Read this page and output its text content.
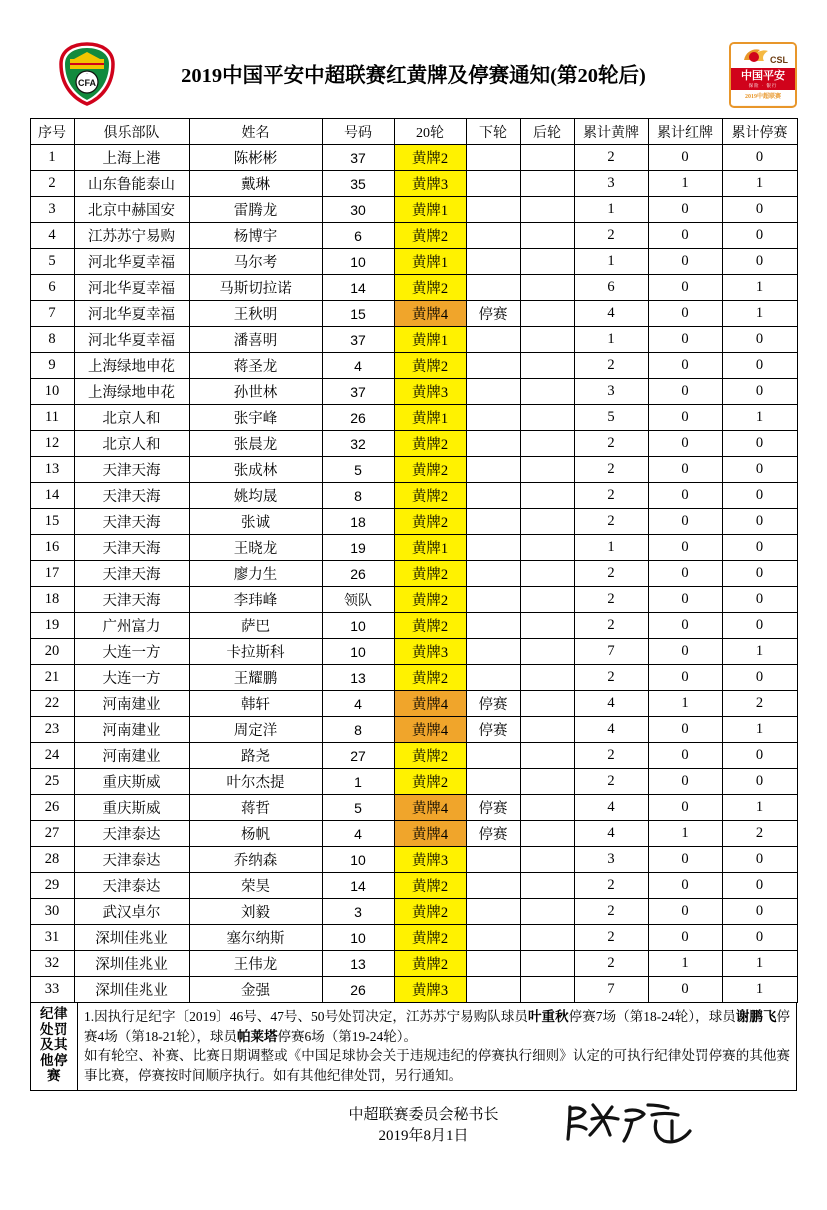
CFA	2019中国平安中超联赛红黄牌及停赛通知(第20轮后)
CSL
中国平安
保险 · 银行
2019中超联赛
序号	俱乐部队	姓名	号码	20轮	下轮	后轮	累计黄牌	累计红牌	累计停赛
1	上海上港	陈彬彬	37	黄牌2			2	0	0
2	山东鲁能泰山	戴琳	35	黄牌3			3	1	1
3	北京中赫国安	雷腾龙	30	黄牌1			1	0	0
4	江苏苏宁易购	杨博宇	6	黄牌2			2	0	0
5	河北华夏幸福	马尔考	10	黄牌1			1	0	0
6	河北华夏幸福	马斯切拉诺	14	黄牌2			6	0	1
7	河北华夏幸福	王秋明	15	黄牌4	停赛		4	0	1
8	河北华夏幸福	潘喜明	37	黄牌1			1	0	0
9	上海绿地申花	蒋圣龙	4	黄牌2			2	0	0
10	上海绿地申花	孙世林	37	黄牌3			3	0	0
11	北京人和	张宇峰	26	黄牌1			5	0	1
12	北京人和	张晨龙	32	黄牌2			2	0	0
13	天津天海	张成林	5	黄牌2			2	0	0
14	天津天海	姚均晟	8	黄牌2			2	0	0
15	天津天海	张诚	18	黄牌2			2	0	0
16	天津天海	王晓龙	19	黄牌1			1	0	0
17	天津天海	廖力生	26	黄牌2			2	0	0
18	天津天海	李玮峰	领队	黄牌2			2	0	0
19	广州富力	萨巴	10	黄牌2			2	0	0
20	大连一方	卡拉斯科	10	黄牌3			7	0	1
21	大连一方	王耀鹏	13	黄牌2			2	0	0
22	河南建业	韩轩	4	黄牌4	停赛		4	1	2
23	河南建业	周定洋	8	黄牌4	停赛		4	0	1
24	河南建业	路尧	27	黄牌2			2	0	0
25	重庆斯威	叶尔杰提	1	黄牌2			2	0	0
26	重庆斯威	蒋哲	5	黄牌4	停赛		4	0	1
27	天津泰达	杨帆	4	黄牌4	停赛		4	1	2
28	天津泰达	乔纳森	10	黄牌3			3	0	0
29	天津泰达	荣昊	14	黄牌2			2	0	0
30	武汉卓尔	刘毅	3	黄牌2			2	0	0
31	深圳佳兆业	塞尔纳斯	10	黄牌2			2	0	0
32	深圳佳兆业	王伟龙	13	黄牌2			2	1	1
33	深圳佳兆业	金强	26	黄牌3			7	0	1
纪律
处罚
及其
他停
赛

1.因执行足纪字〔2019〕46号、47号、50号处罚决定，江苏苏宁易购队球员叶重秋停赛7场（第18-24轮），球员谢鹏飞停赛4场（第18-21轮），球员帕莱塔停赛6场（第19-24轮）。
如有轮空、补赛、比赛日期调整或《中国足球协会关于违规违纪的停赛执行细则》认定的可执行纪律处罚停赛的其他赛事比赛，停赛按时间顺序执行。如有其他纪律处罚，另行通知。
中超联赛委员会秘书长
2019年8月1日
